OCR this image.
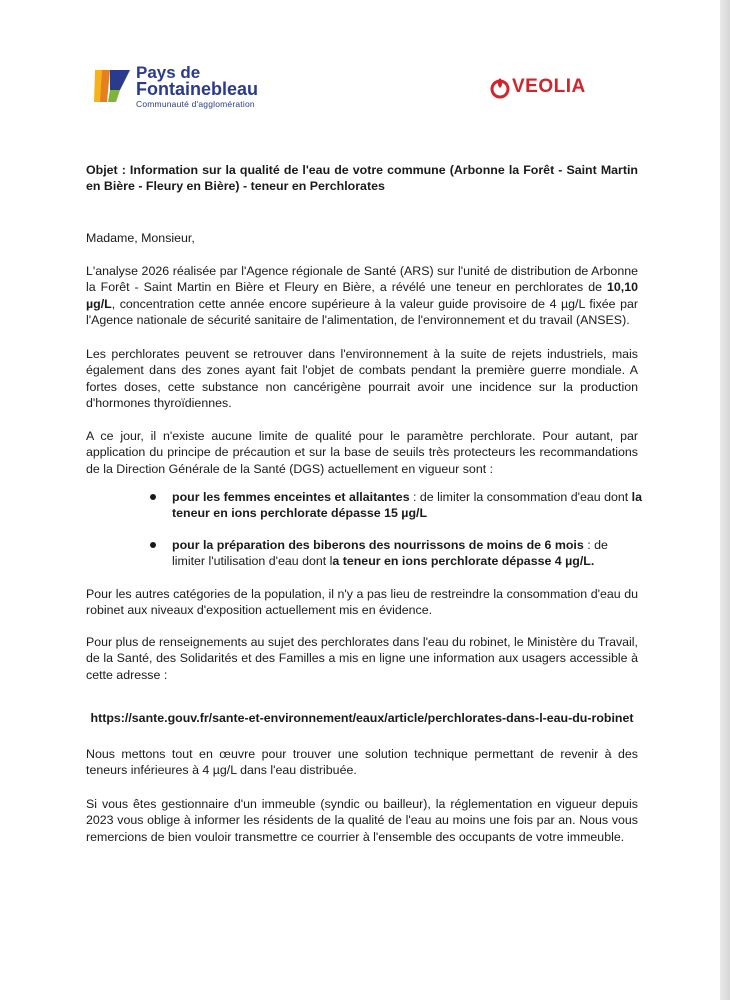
Pays de
Fontainebleau
Communauté d'agglomération
VEOLIA

Objet : Information sur la qualité de l'eau de votre commune (Arbonne la Forêt - Saint Martin en Bière - Fleury en Bière) - teneur en Perchlorates

Madame, Monsieur,

L'analyse 2026 réalisée par l'Agence régionale de Santé (ARS) sur l'unité de distribution de Arbonne la Forêt - Saint Martin en Bière et Fleury en Bière, a révélé une teneur en perchlorates de 10,10 µg/L, concentration cette année encore supérieure à la valeur guide provisoire de 4 µg/L fixée par l'Agence nationale de sécurité sanitaire de l'alimentation, de l'environnement et du travail (ANSES).

Les perchlorates peuvent se retrouver dans l'environnement à la suite de rejets industriels, mais également dans des zones ayant fait l'objet de combats pendant la première guerre mondiale. A fortes doses, cette substance non cancérigène pourrait avoir une incidence sur la production d'hormones thyroïdiennes.

A ce jour, il n'existe aucune limite de qualité pour le paramètre perchlorate. Pour autant, par application du principe de précaution et sur la base de seuils très protecteurs les recommandations de la Direction Générale de la Santé (DGS) actuellement en vigueur sont :

pour les femmes enceintes et allaitantes : de limiter la consommation d'eau dont la teneur en ions perchlorate dépasse 15 µg/L
pour la préparation des biberons des nourrissons de moins de 6 mois : de limiter l'utilisation d'eau dont la teneur en ions perchlorate dépasse 4 µg/L.

Pour les autres catégories de la population, il n'y a pas lieu de restreindre la consommation d'eau du robinet aux niveaux d'exposition actuellement mis en évidence.

Pour plus de renseignements au sujet des perchlorates dans l'eau du robinet, le Ministère du Travail, de la Santé, des Solidarités et des Familles a mis en ligne une information aux usagers accessible à cette adresse :

https://sante.gouv.fr/sante-et-environnement/eaux/article/perchlorates-dans-l-eau-du-robinet

Nous mettons tout en œuvre pour trouver une solution technique permettant de revenir à des teneurs inférieures à 4 µg/L dans l'eau distribuée.

Si vous êtes gestionnaire d'un immeuble (syndic ou bailleur), la réglementation en vigueur depuis 2023 vous oblige à informer les résidents de la qualité de l'eau au moins une fois par an. Nous vous remercions de bien vouloir transmettre ce courrier à l'ensemble des occupants de votre immeuble.
